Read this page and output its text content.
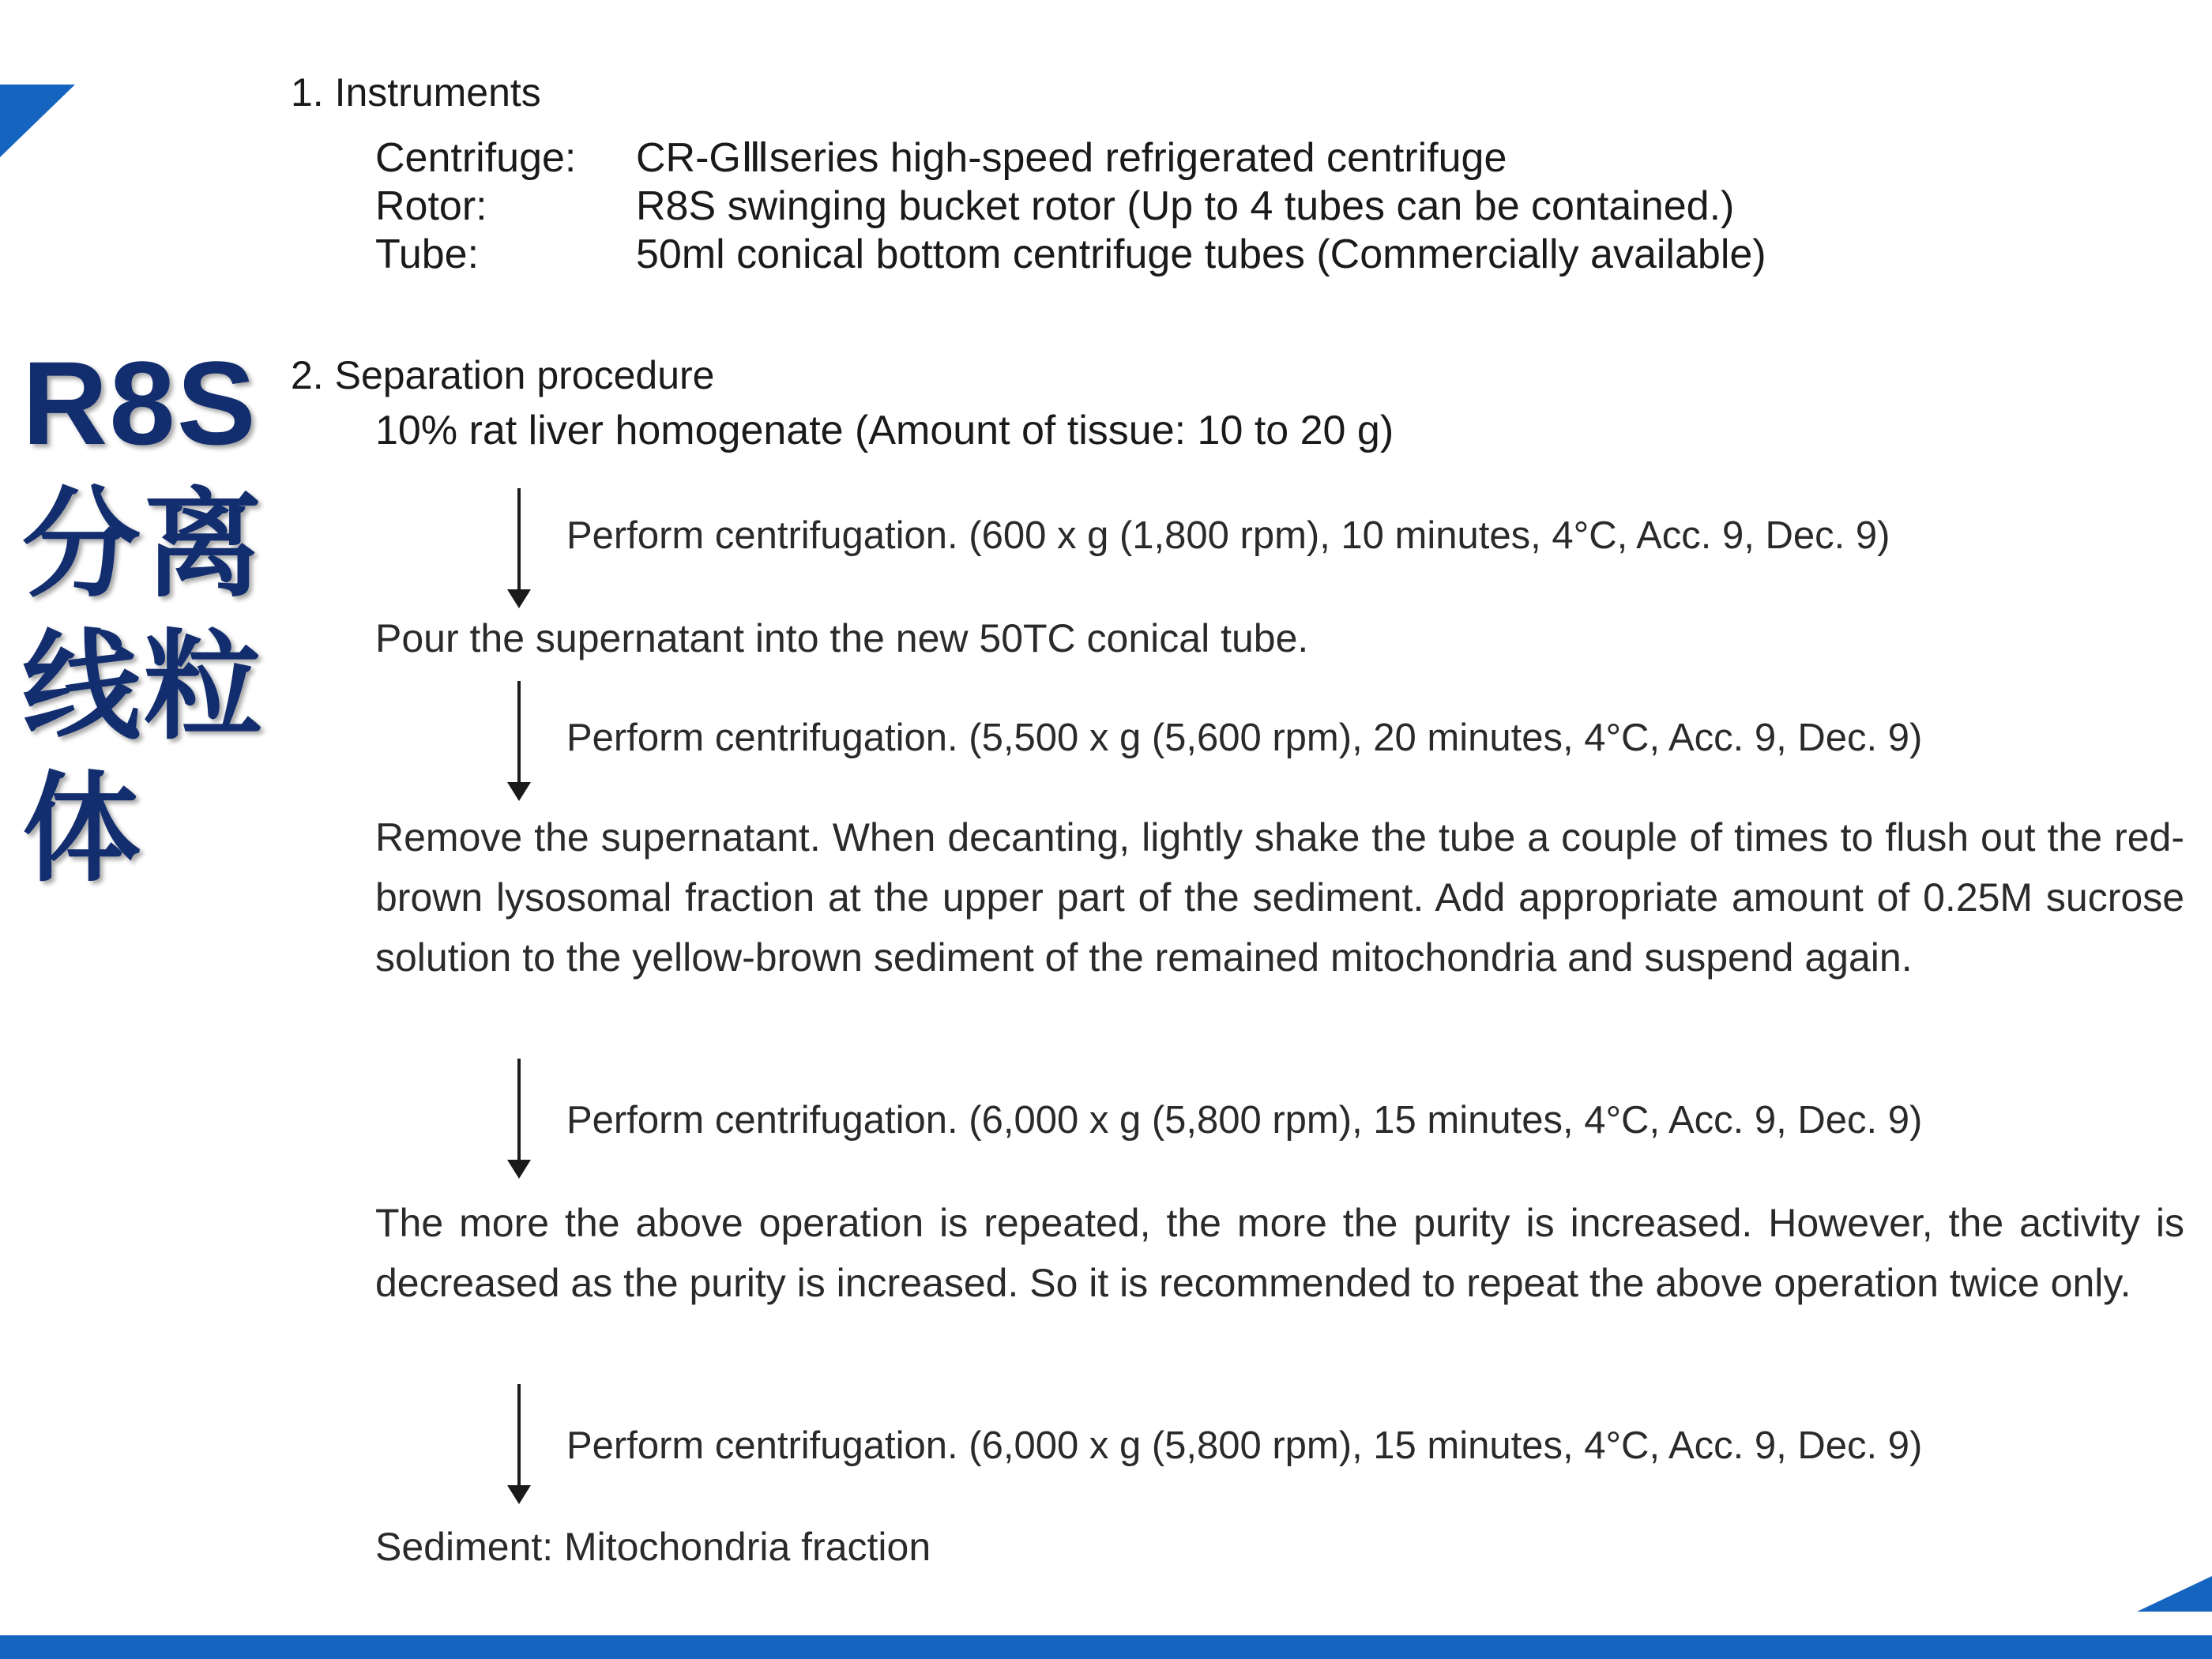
R8S
分离
线粒
体
1. Instruments
Centrifuge:	CR-GⅢseries high-speed refrigerated centrifuge
Rotor:	R8S swinging bucket rotor (Up to 4 tubes can be contained.)
Tube:	50ml conical bottom centrifuge tubes (Commercially available)
2. Separation procedure
10% rat liver homogenate (Amount of tissue: 10 to 20 g)
Perform centrifugation. (600 x g (1,800 rpm), 10 minutes, 4°C, Acc. 9, Dec. 9)
Pour the supernatant into the new 50TC conical tube.
Perform centrifugation. (5,500 x g (5,600 rpm), 20 minutes, 4°C, Acc. 9, Dec. 9)
Remove the supernatant. When decanting, lightly shake the tube a couple of times to flush out the red-brown lysosomal fraction at the upper part of the sediment. Add appropriate amount of 0.25M sucrose solution to the yellow-brown sediment of the remained mitochondria and suspend again.
Perform centrifugation. (6,000 x g (5,800 rpm), 15 minutes, 4°C, Acc. 9, Dec. 9)
The more the above operation is repeated, the more the purity is increased. However, the activity is decreased as the purity is increased. So it is recommended to repeat the above operation twice only.
Perform centrifugation. (6,000 x g (5,800 rpm), 15 minutes, 4°C, Acc. 9, Dec. 9)
Sediment: Mitochondria fraction
